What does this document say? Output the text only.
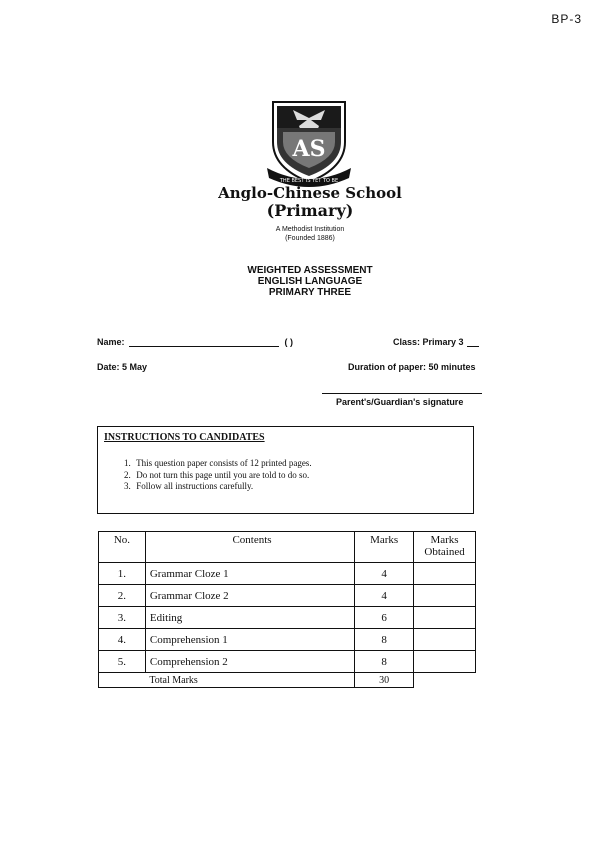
BP-3
AS
THE BEST IS YET TO BE
Anglo-Chinese School
(Primary)
A Methodist Institution
(Founded 1886)
WEIGHTED ASSESSMENT
ENGLISH LANGUAGE
PRIMARY THREE
Name:	( )	Class: Primary 3
Date: 5 May	Duration of paper: 50 minutes
Parent's/Guardian's signature
INSTRUCTIONS TO CANDIDATES
1. This question paper consists of 12 printed pages.
2. Do not turn this page until you are told to do so.
3. Follow all instructions carefully.
No.	Contents	Marks	Marks
Obtained
1.	Grammar Cloze 1	4	
2.	Grammar Cloze 2	4	
3.	Editing	6	
4.	Comprehension 1	8	
5.	Comprehension 2	8	
	Total Marks	30	
